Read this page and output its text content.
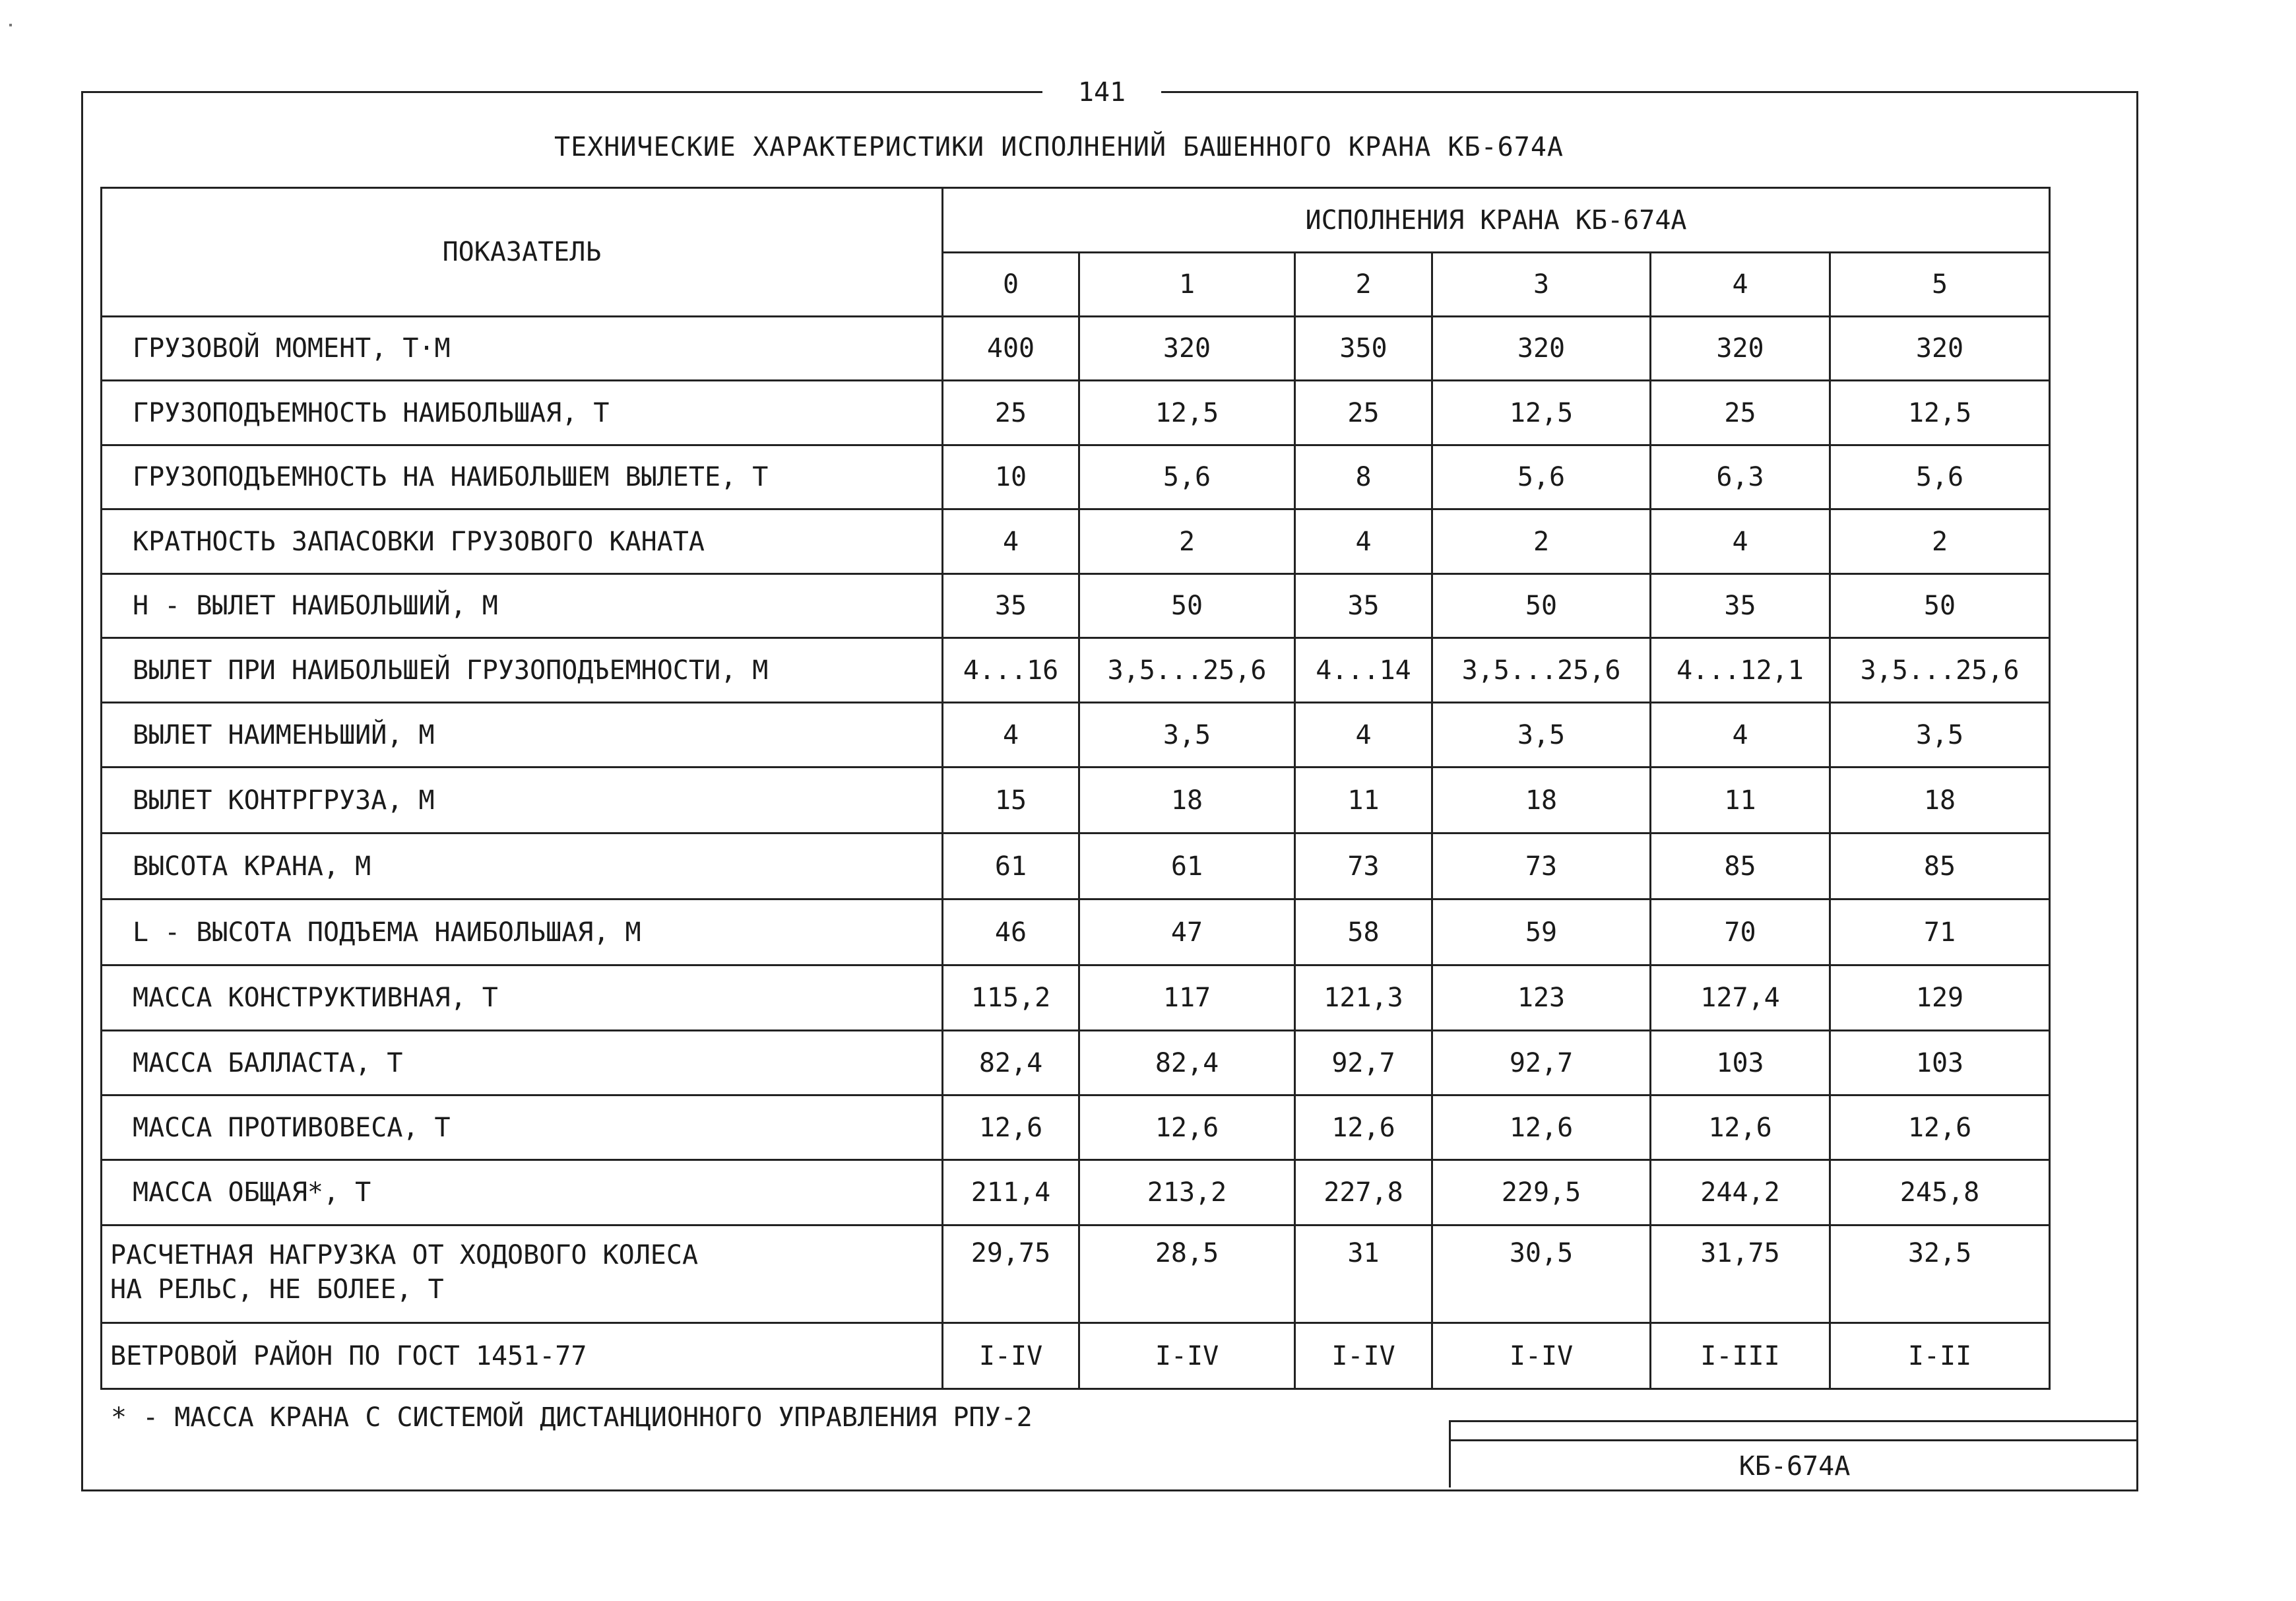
141
ТЕХНИЧЕСКИЕ ХАРАКТЕРИСТИКИ ИСПОЛНЕНИЙ БАШЕННОГО КРАНА КБ-674А
ПОКАЗАТЕЛЬ	ИСПОЛНЕНИЯ КРАНА КБ-674А					
	0	1	2	3	4	5
ГРУЗОВОЙ МОМЕНТ, Т·М	400	320	350	320	320	320
ГРУЗОПОДЪЕМНОСТЬ НАИБОЛЬШАЯ, Т	25	12,5	25	12,5	25	12,5
ГРУЗОПОДЪЕМНОСТЬ НА НАИБОЛЬШЕМ ВЫЛЕТЕ, Т	10	5,6	8	5,6	6,3	5,6
КРАТНОСТЬ ЗАПАСОВКИ ГРУЗОВОГО КАНАТА	4	2	4	2	4	2
Н - ВЫЛЕТ НАИБОЛЬШИЙ, М	35	50	35	50	35	50
ВЫЛЕТ ПРИ НАИБОЛЬШЕЙ ГРУЗОПОДЪЕМНОСТИ, М	4...16	3,5...25,6	4...14	3,5...25,6	4...12,1	3,5...25,6
ВЫЛЕТ НАИМЕНЬШИЙ, М	4	3,5	4	3,5	4	3,5
ВЫЛЕТ КОНТРГРУЗА, М	15	18	11	18	11	18
ВЫСОТА КРАНА, М	61	61	73	73	85	85
L - ВЫСОТА ПОДЪЕМА НАИБОЛЬШАЯ, М	46	47	58	59	70	71
МАССА КОНСТРУКТИВНАЯ, Т	115,2	117	121,3	123	127,4	129
МАССА БАЛЛАСТА, Т	82,4	82,4	92,7	92,7	103	103
МАССА ПРОТИВОВЕСА, Т	12,6	12,6	12,6	12,6	12,6	12,6
МАССА ОБЩАЯ*, Т	211,4	213,2	227,8	229,5	244,2	245,8

РАСЧЕТНАЯ НАГРУЗКА ОТ ХОДОВОГО КОЛЕСА
НА РЕЛЬС, НЕ БОЛЕЕ, Т	29,75	28,5	31	30,5	31,75	32,5
ВЕТРОВОЙ РАЙОН ПО ГОСТ 1451-77	I-IV	I-IV	I-IV	I-IV	I-III	I-II
* - МАССА КРАНА С СИСТЕМОЙ ДИСТАНЦИОННОГО УПРАВЛЕНИЯ РПУ-2
КБ-674А
